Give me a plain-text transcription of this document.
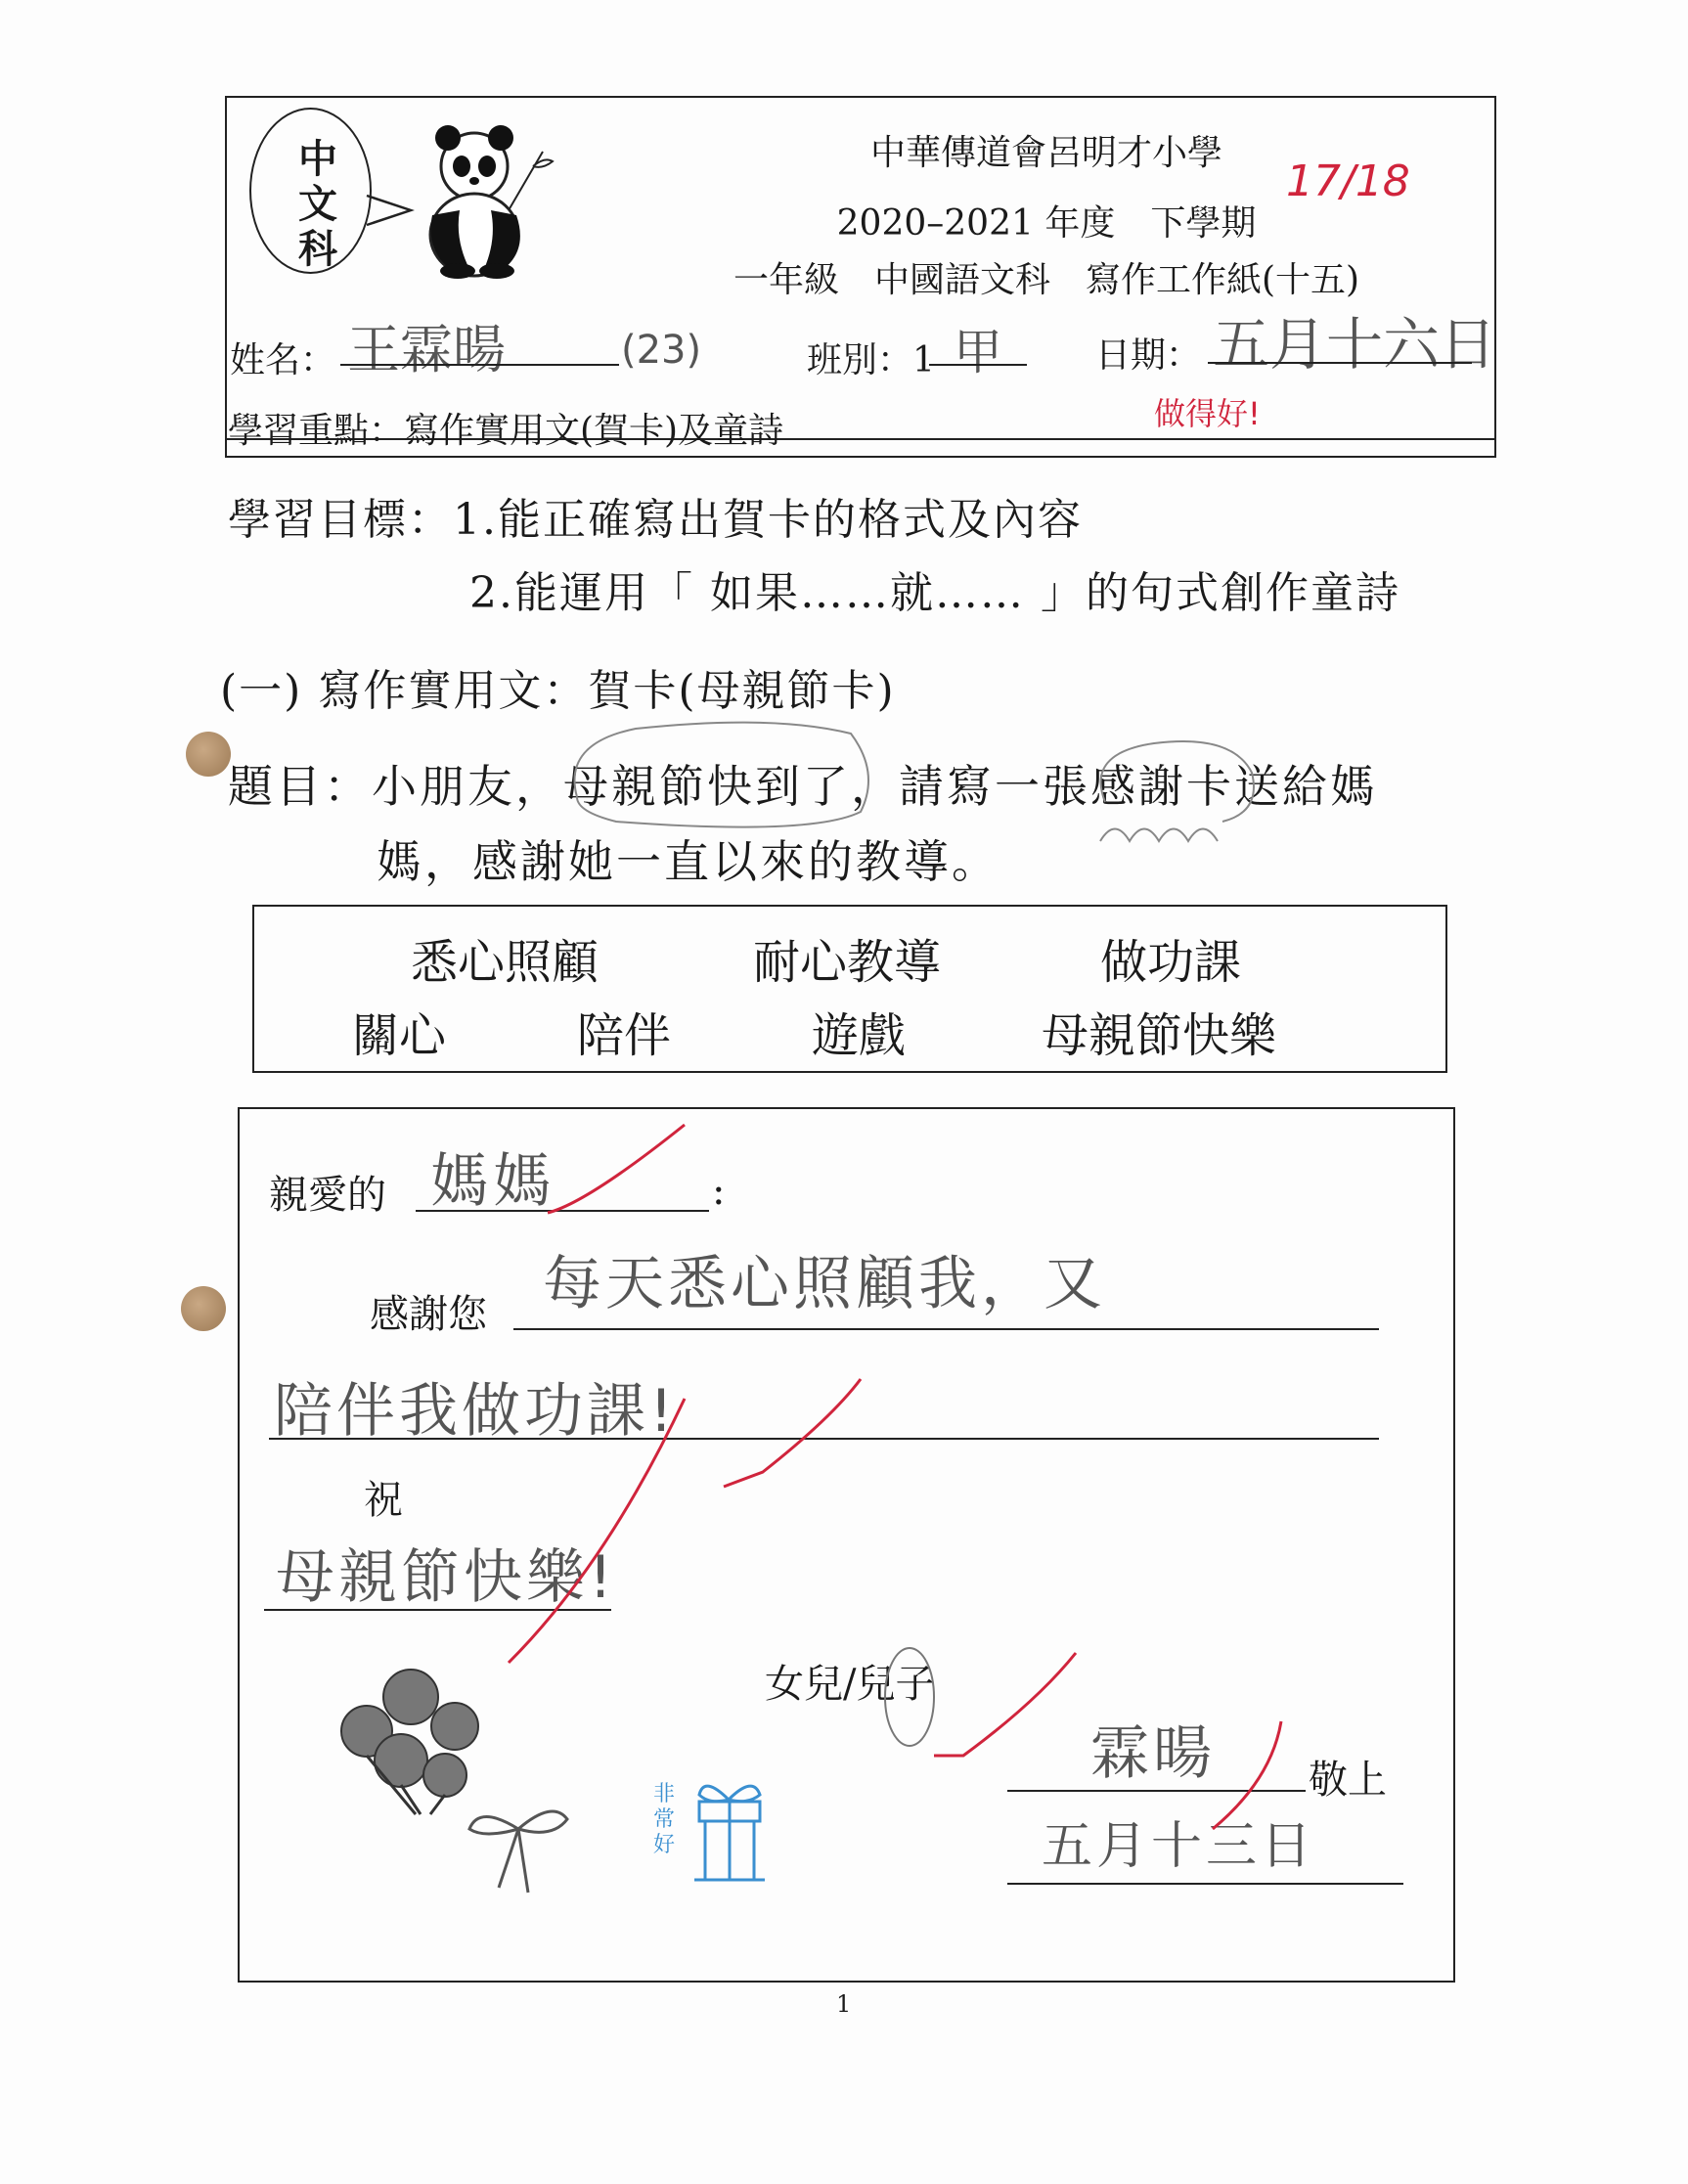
中文科
中華傳道會呂明才小學
2020–2021 年度　下學期
一年級　中國語文科　寫作工作紙(十五)
17/18
姓名： 王霖暘	(23)	班別：1 甲	日期： 五月十六日
做得好!
學習重點：寫作實用文(賀卡)及童詩
學習目標：1.能正確寫出賀卡的格式及內容
2.能運用「 如果……就…… 」的句式創作童詩
(一) 寫作實用文：賀卡(母親節卡)
題目：小朋友，母親節快到了，請寫一張感謝卡送給媽
媽，感謝她一直以來的教導。
悉心照顧	耐心教導	做功課
關心	陪伴	遊戲	母親節快樂
親愛的 媽媽	:
感謝您 每天悉心照顧我，又
陪伴我做功課!
祝
母親節快樂!
女兒/兒子
霖暘 敬上
五月十三日
非常好
1
